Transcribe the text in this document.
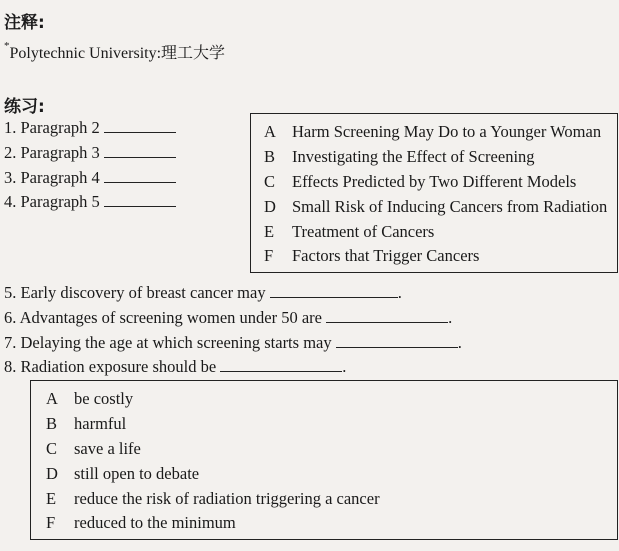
注释:
*Polytechnic University:理工大学
练习:
1. Paragraph 2
2. Paragraph 3
3. Paragraph 4
4. Paragraph 5
A Harm Screening May Do to a Younger Woman
B Investigating the Effect of Screening
C Effects Predicted by Two Different Models
D Small Risk of Inducing Cancers from Radiation
E Treatment of Cancers
F Factors that Trigger Cancers
5. Early discovery of breast cancer may	.
6. Advantages of screening women under 50 are	.
7. Delaying the age at which screening starts may	.
8. Radiation exposure should be	.
A be costly
B harmful
C save a life
D still open to debate
E reduce the risk of radiation triggering a cancer
F reduced to the minimum
